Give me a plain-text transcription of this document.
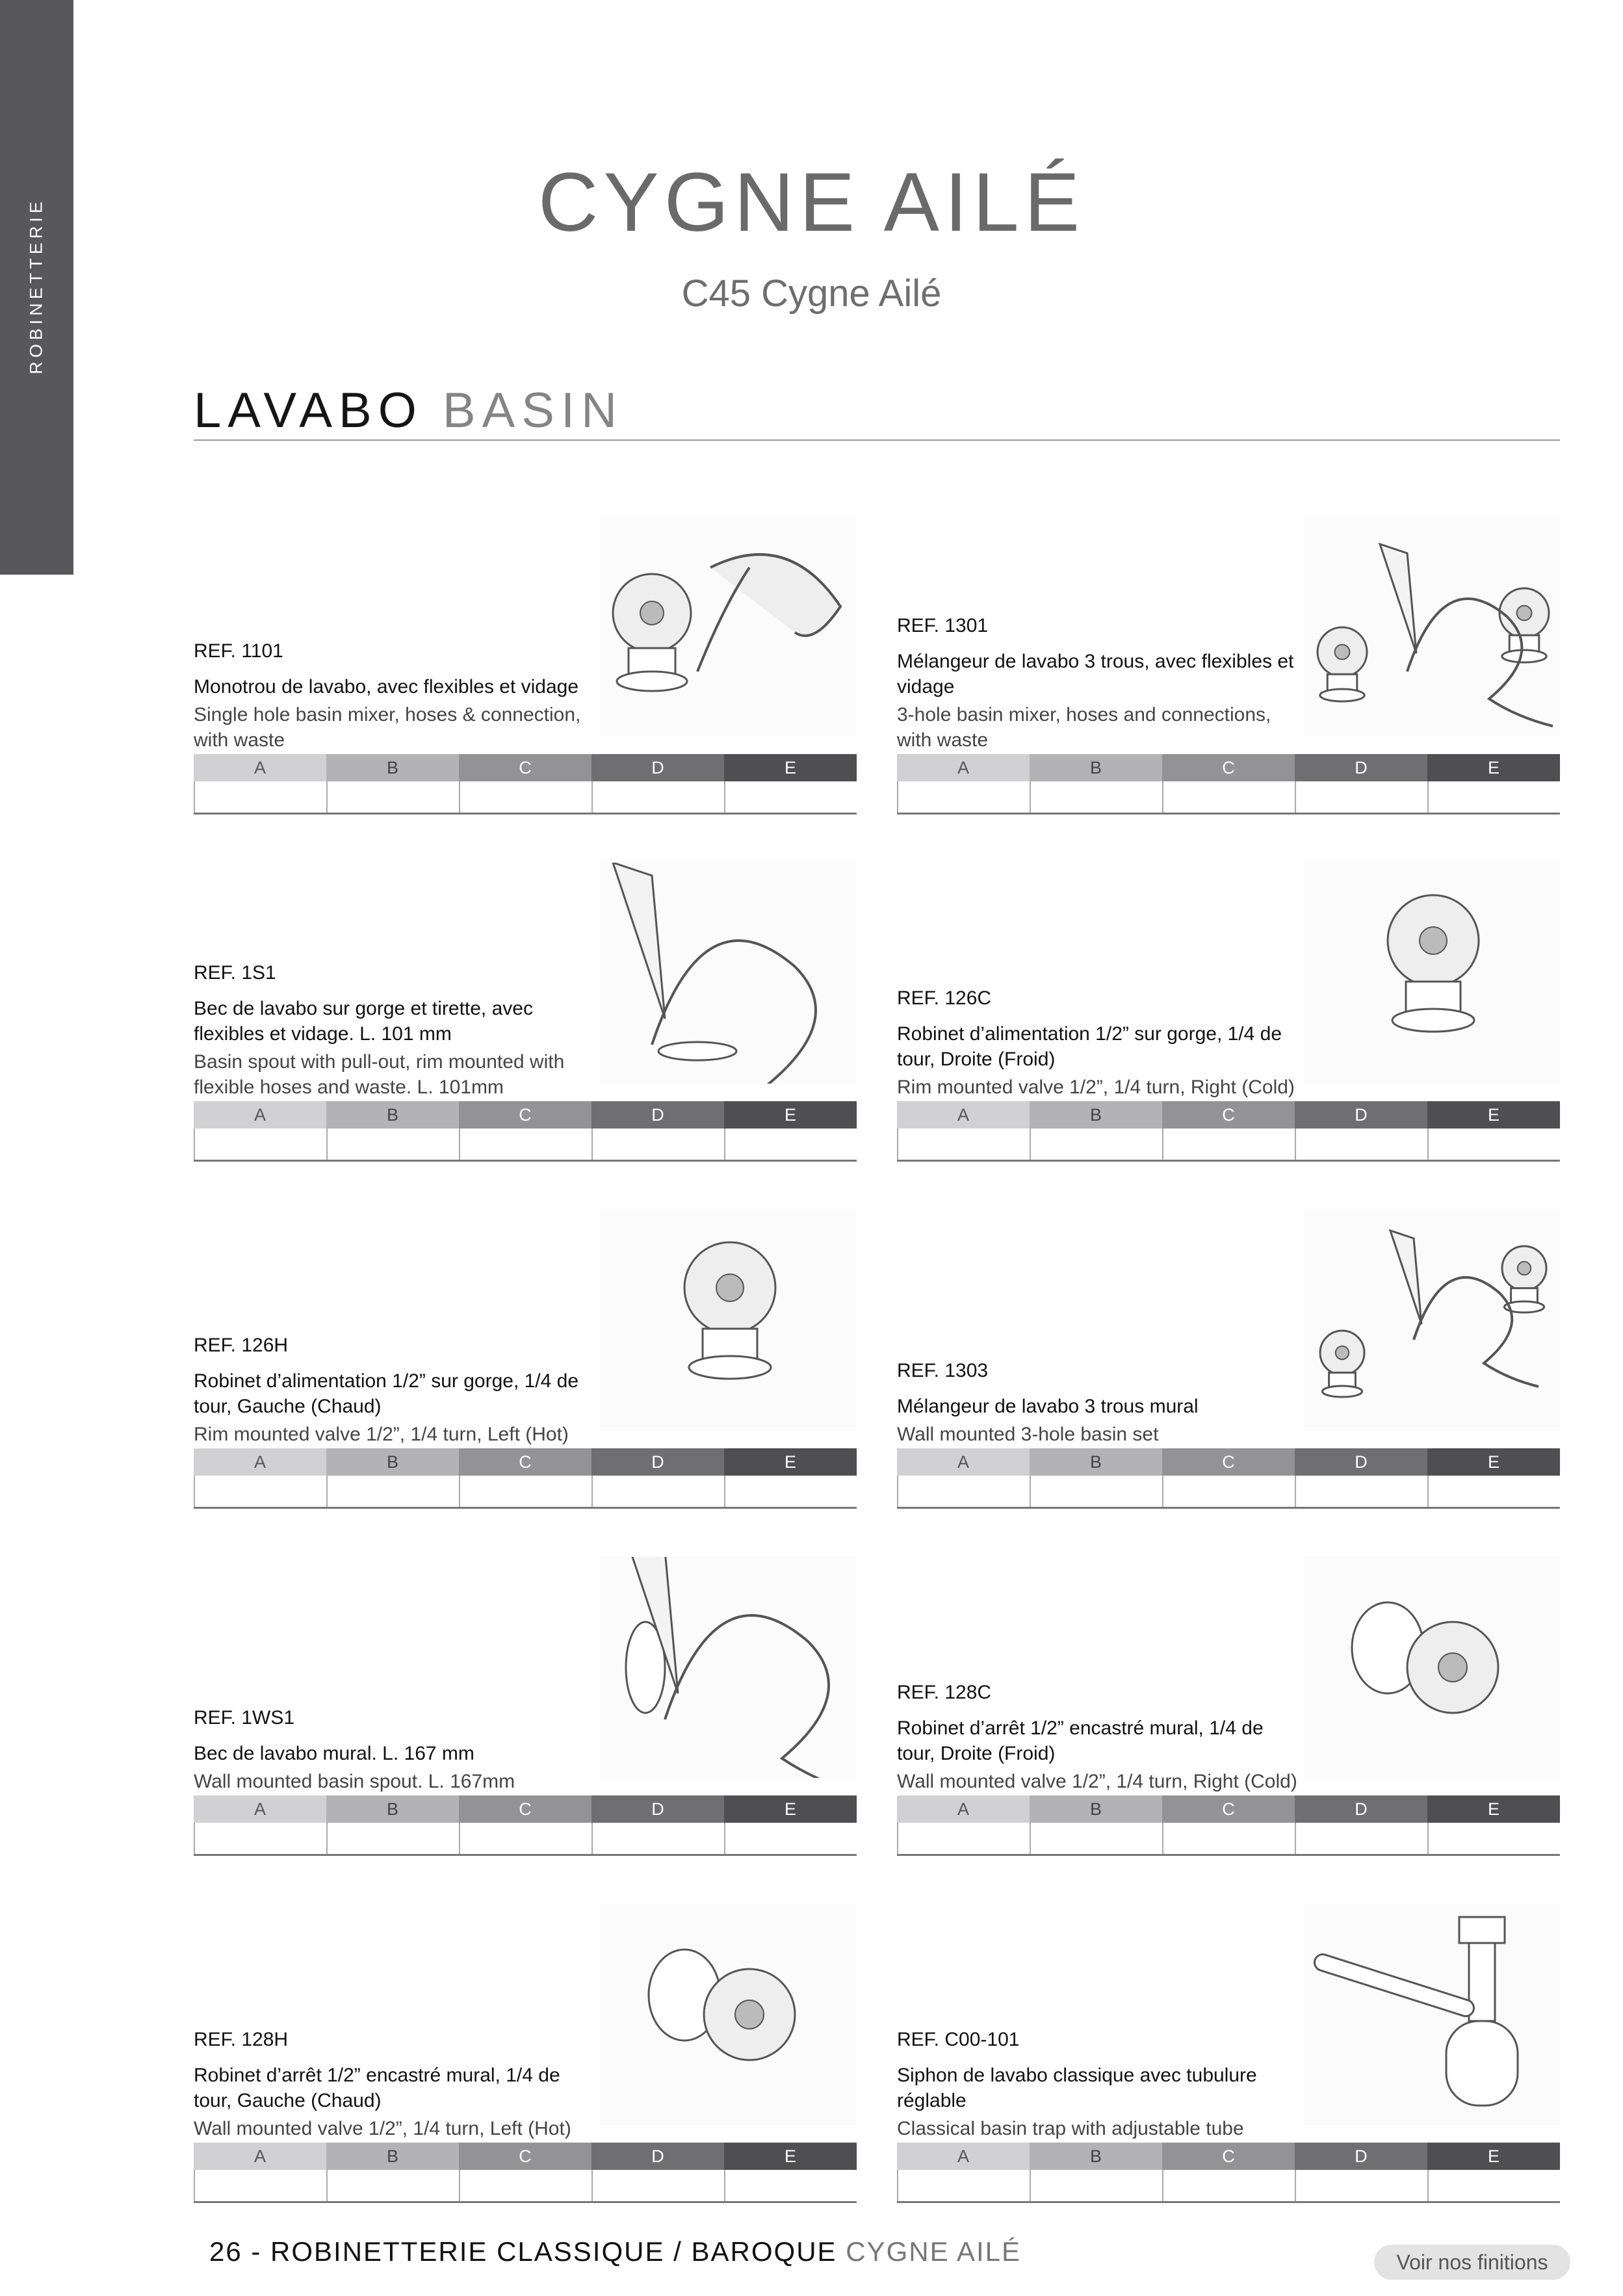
ROBINETTERIE	CYGNE AILÉ
C45 Cygne Ailé
LAVABO BASIN
REF. 1101
Monotrou de lavabo, avec flexibles et vidage
Single hole basin mixer, hoses & connection, with waste
A	B	C	D	E
REF. 1301
Mélangeur de lavabo 3 trous, avec flexibles et vidage
3-hole basin mixer, hoses and connections, with waste
A	B	C	D	E
REF. 1S1
Bec de lavabo sur gorge et tirette, avec flexibles et vidage. L. 101 mm
Basin spout with pull-out, rim mounted with flexible hoses and waste. L. 101mm
A	B	C	D	E
REF. 126C
Robinet d’alimentation 1/2” sur gorge, 1/4 de tour, Droite (Froid)
Rim mounted valve 1/2”, 1/4 turn, Right (Cold)
A	B	C	D	E
REF. 126H
Robinet d’alimentation 1/2” sur gorge, 1/4 de tour, Gauche (Chaud)
Rim mounted valve 1/2”, 1/4 turn, Left (Hot)
A	B	C	D	E
REF. 1303
Mélangeur de lavabo 3 trous mural
Wall mounted 3-hole basin set
A	B	C	D	E
REF. 1WS1
Bec de lavabo mural. L. 167 mm
Wall mounted basin spout. L. 167mm
A	B	C	D	E
REF. 128C
Robinet d’arrêt 1/2” encastré mural, 1/4 de tour, Droite (Froid)
Wall mounted valve 1/2”, 1/4 turn, Right (Cold)
A	B	C	D	E
REF. 128H
Robinet d’arrêt 1/2” encastré mural, 1/4 de tour, Gauche (Chaud)
Wall mounted valve 1/2”, 1/4 turn, Left (Hot)
A	B	C	D	E
REF. C00-101
Siphon de lavabo classique avec tubulure réglable
Classical basin trap with adjustable tube
A	B	C	D	E
26 - ROBINETTERIE CLASSIQUE / BAROQUE CYGNE AILÉ	Voir nos finitions
